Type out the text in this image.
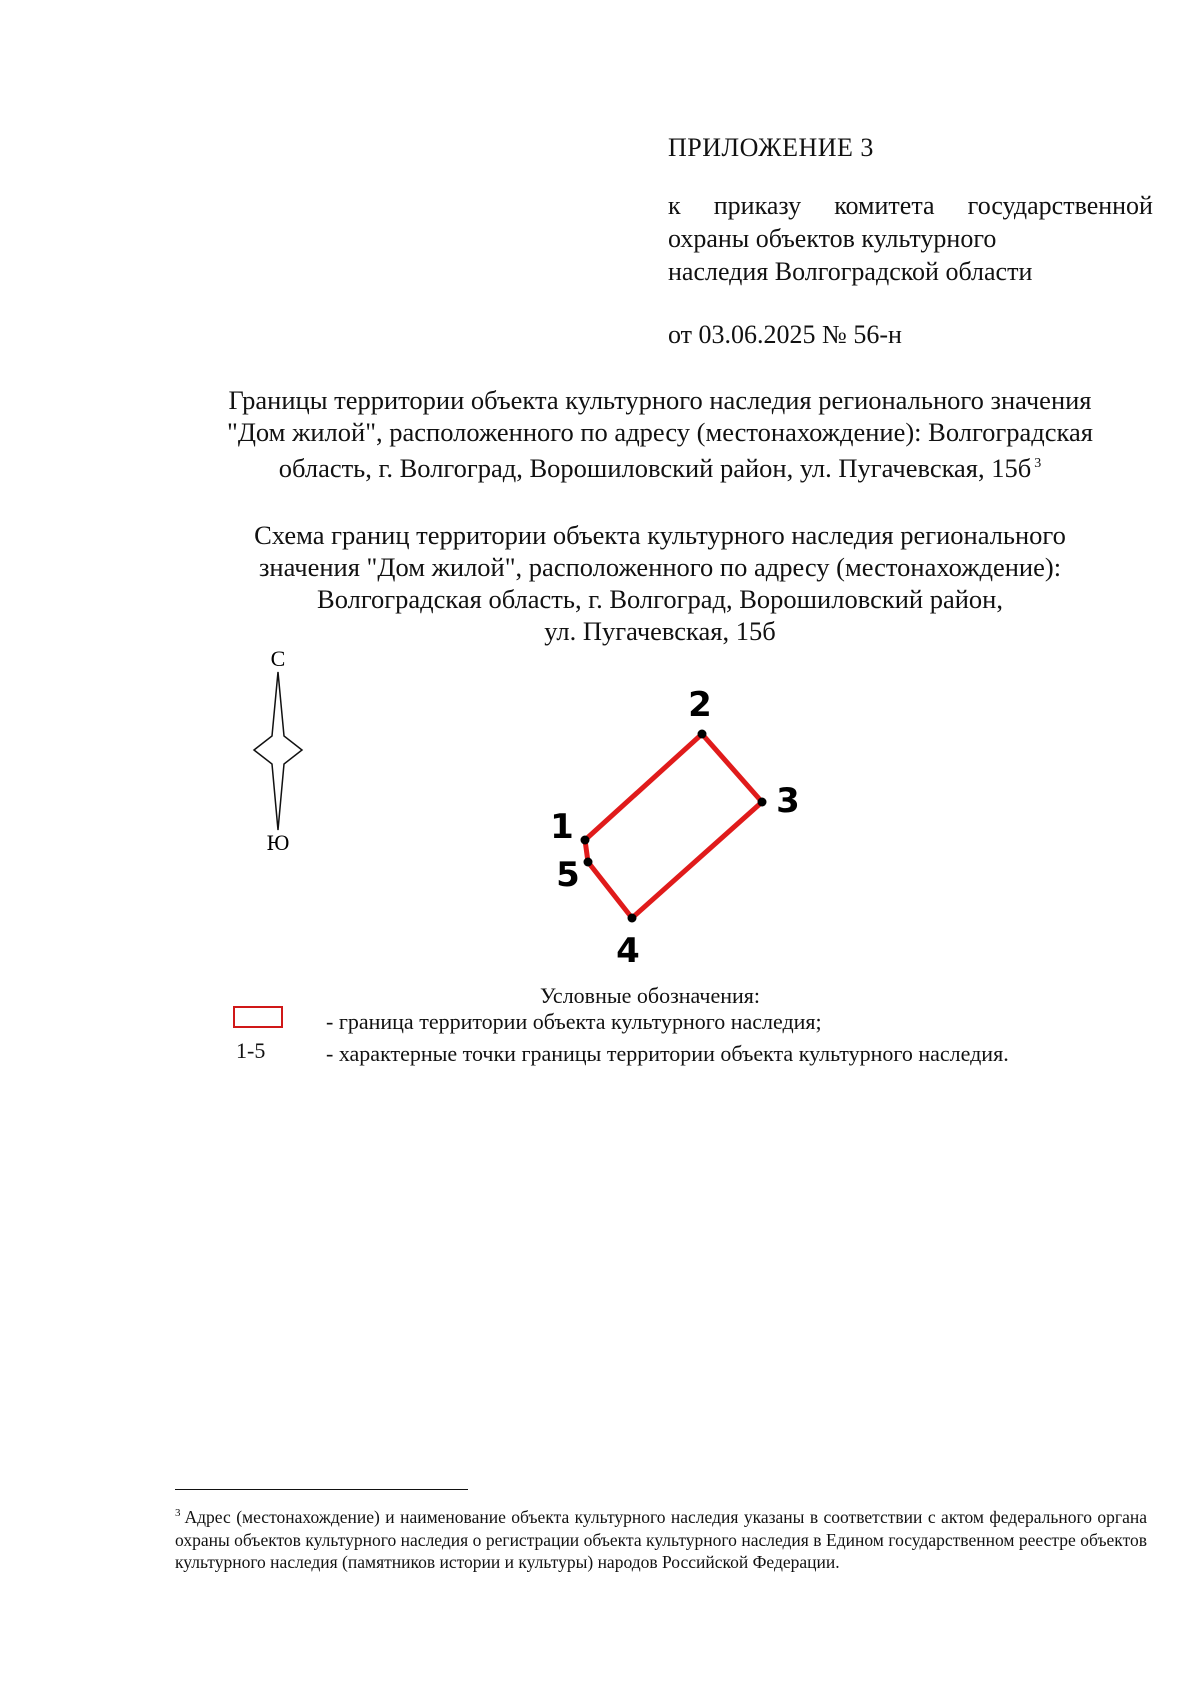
ПРИЛОЖЕНИЕ 3
к приказу комитета государственной
охраны объектов культурного
наследия Волгоградской области
от 03.06.2025 № 56-н
Границы территории объекта культурного наследия регионального значения
"Дом жилой", расположенного по адресу (местонахождение): Волгоградская
область, г. Волгоград, Ворошиловский район, ул. Пугачевская, 15б $^3$
Схема границ территории объекта культурного наследия регионального
значения "Дом жилой", расположенного по адресу (местонахождение):
Волгоградская область, г. Волгоград, Ворошиловский район,
ул. Пугачевская, 15б
С
Ю	1
2
3
4
5
Условные обозначения:
- граница территории объекта культурного наследия;
1-5	- характерные точки границы территории объекта культурного наследия.
$^3$ Адрес (местонахождение) и наименование объекта культурного наследия указаны в соответствии с актом федерального органа охраны объектов культурного наследия о регистрации объекта культурного наследия в Едином государственном реестре объектов культурного наследия (памятников истории и культуры) народов Российской Федерации.
